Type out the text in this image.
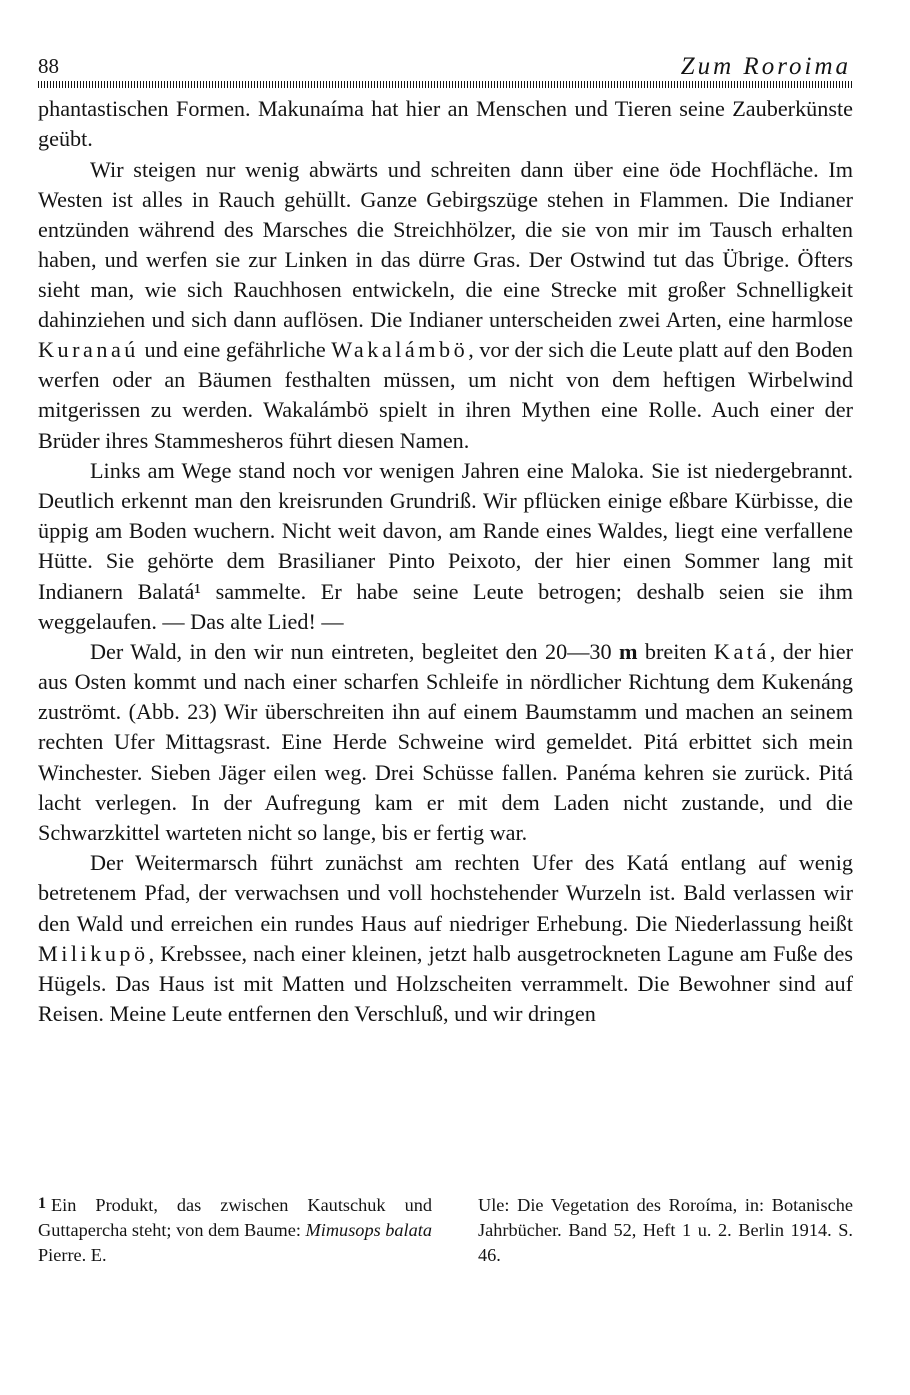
88	Zum Roroima

phantastischen Formen. Makunaíma hat hier an Menschen und Tieren seine Zauberkünste geübt.

Wir steigen nur wenig abwärts und schreiten dann über eine öde Hochfläche. Im Westen ist alles in Rauch gehüllt. Ganze Gebirgszüge stehen in Flammen. Die Indianer entzünden während des Marsches die Streichhölzer, die sie von mir im Tausch erhalten haben, und werfen sie zur Linken in das dürre Gras. Der Ostwind tut das Übrige. Öfters sieht man, wie sich Rauchhosen entwickeln, die eine Strecke mit großer Schnelligkeit dahinziehen und sich dann auflösen. Die Indianer unterscheiden zwei Arten, eine harmlose Kuranaú und eine gefährliche Wakalámbö, vor der sich die Leute platt auf den Boden werfen oder an Bäumen festhalten müssen, um nicht von dem heftigen Wirbelwind mitgerissen zu werden. Wakalámbö spielt in ihren Mythen eine Rolle. Auch einer der Brüder ihres Stammesheros führt diesen Namen.

Links am Wege stand noch vor wenigen Jahren eine Maloka. Sie ist niedergebrannt. Deutlich erkennt man den kreisrunden Grundriß. Wir pflücken einige eßbare Kürbisse, die üppig am Boden wuchern. Nicht weit davon, am Rande eines Waldes, liegt eine verfallene Hütte. Sie gehörte dem Brasilianer Pinto Peixoto, der hier einen Sommer lang mit Indianern Balatá¹ sammelte. Er habe seine Leute betrogen; deshalb seien sie ihm weggelaufen. — Das alte Lied! —

Der Wald, in den wir nun eintreten, begleitet den 20—30 m breiten Katá, der hier aus Osten kommt und nach einer scharfen Schleife in nördlicher Richtung dem Kukenáng zuströmt. (Abb. 23) Wir überschreiten ihn auf einem Baumstamm und machen an seinem rechten Ufer Mittagsrast. Eine Herde Schweine wird gemeldet. Pitá erbittet sich mein Winchester. Sieben Jäger eilen weg. Drei Schüsse fallen. Panéma kehren sie zurück. Pitá lacht verlegen. In der Aufregung kam er mit dem Laden nicht zustande, und die Schwarzkittel warteten nicht so lange, bis er fertig war.

Der Weitermarsch führt zunächst am rechten Ufer des Katá entlang auf wenig betretenem Pfad, der verwachsen und voll hochstehender Wurzeln ist. Bald verlassen wir den Wald und erreichen ein rundes Haus auf niedriger Erhebung. Die Niederlassung heißt Milikupö, Krebssee, nach einer kleinen, jetzt halb ausgetrockneten Lagune am Fuße des Hügels. Das Haus ist mit Matten und Holzscheiten verrammelt. Die Bewohner sind auf Reisen. Meine Leute entfernen den Verschluß, und wir dringen

1 Ein Produkt, das zwischen Kautschuk und Guttapercha steht; von dem Baume: Mimusops balata Pierre. E.
Ule: Die Vegetation des Roroíma, in: Botanische Jahrbücher. Band 52, Heft 1 u. 2. Berlin 1914. S. 46.
